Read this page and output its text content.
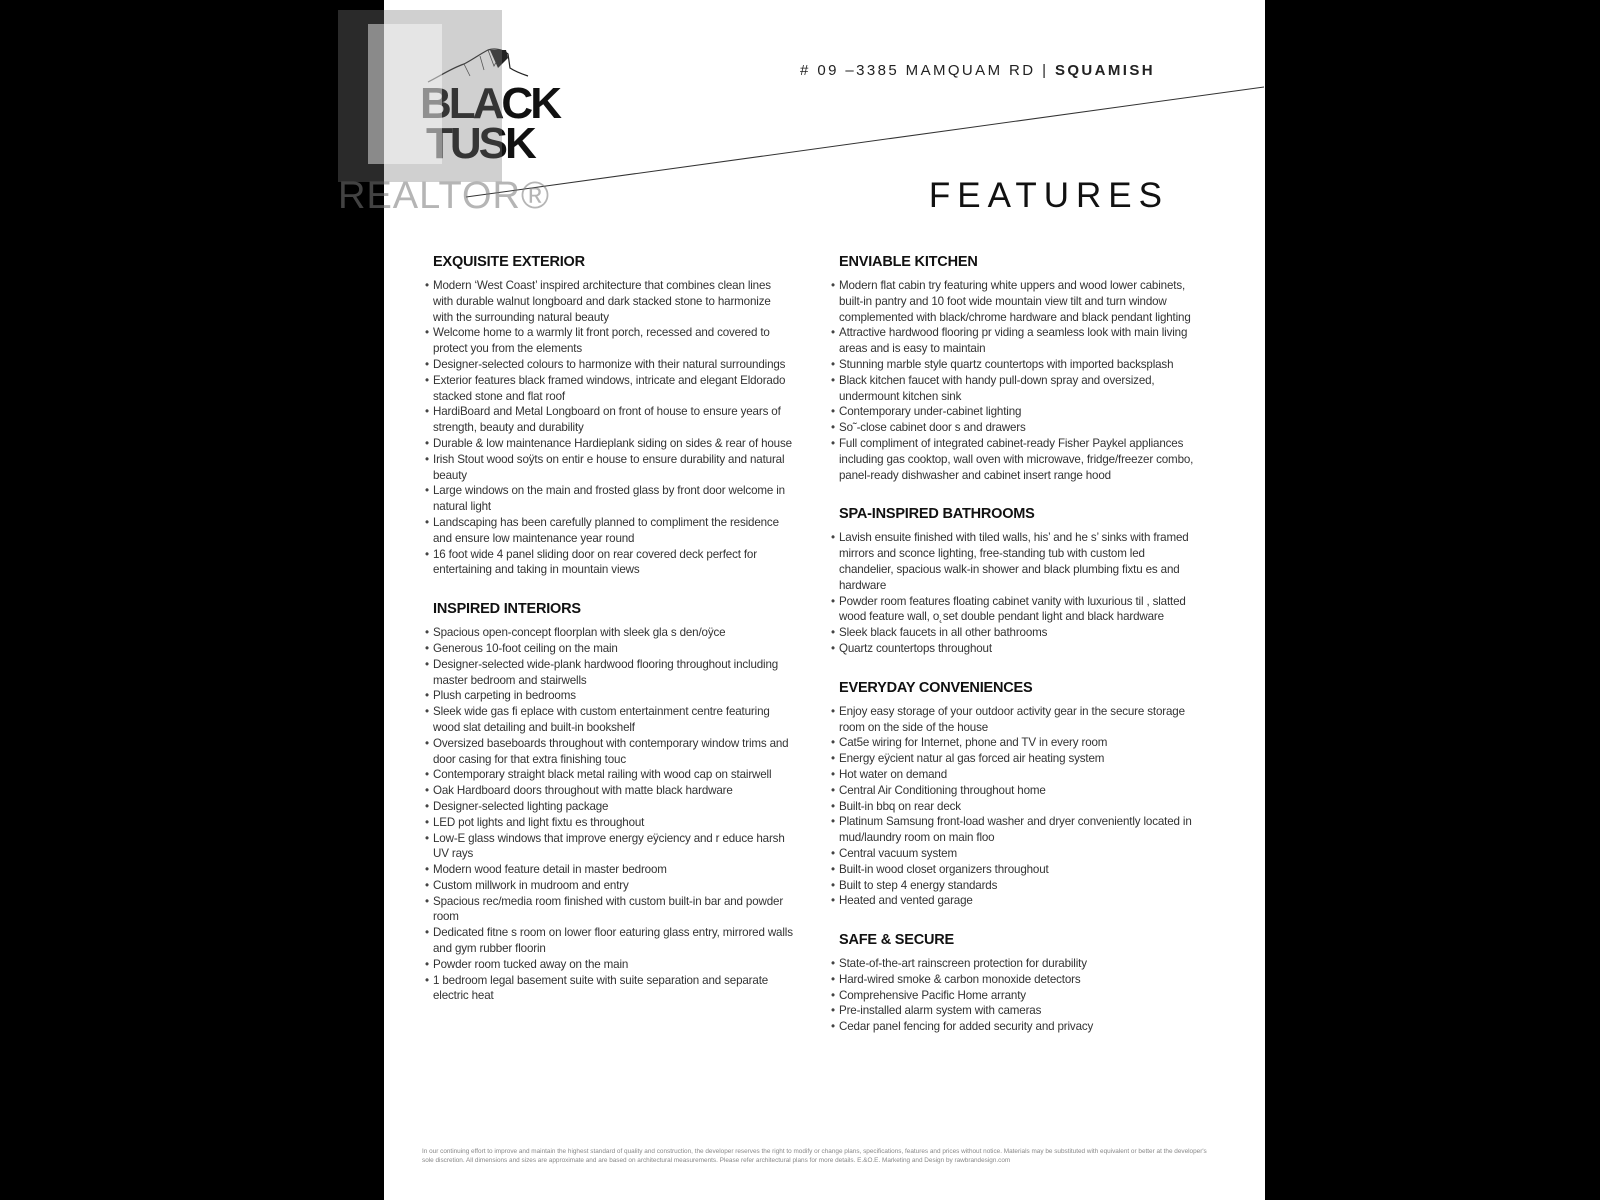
BLACK
TUSK
# 09 –3385 MAMQUAM RD | SQUAMISH
FEATURES
EXQUISITE EXTERIOR
• Modern ‘West Coast’ inspired architecture that combines clean lines with durable walnut longboard and dark stacked stone to harmonize with the surrounding natural beauty
• Welcome home to a warmly lit front porch, recessed and covered to protect you from the elements
• Designer-selected colours to harmonize with their natural surroundings
• Exterior features black framed windows, intricate and elegant Eldorado stacked stone and flat roof
• HardiBoard and Metal Longboard on front of house to ensure years of strength, beauty and durability
• Durable & low maintenance Hardieplank siding on sides & rear of house
• Irish Stout wood soÿts on entir e house to ensure durability and natural beauty
• Large windows on the main and frosted glass by front door welcome in natural light
• Landscaping has been carefully planned to compliment the residence and ensure low maintenance year round
• 16 foot wide 4 panel sliding door on rear covered deck perfect for entertaining and taking in mountain views
INSPIRED INTERIORS
• Spacious open-concept floorplan with sleek gla s den/oÿce
• Generous 10-foot ceiling on the main
• Designer-selected wide-plank hardwood flooring throughout including master bedroom and stairwells
• Plush carpeting in bedrooms
• Sleek wide gas fi eplace with custom entertainment centre featuring wood slat detailing and built-in bookshelf
• Oversized baseboards throughout with contemporary window trims and door casing for that extra finishing touc
• Contemporary straight black metal railing with wood cap on stairwell
• Oak Hardboard doors throughout with matte black hardware
• Designer-selected lighting package
• LED pot lights and light fixtu es throughout
• Low-E glass windows that improve energy eÿciency and r educe harsh UV rays
• Modern wood feature detail in master bedroom
• Custom millwork in mudroom and entry
• Spacious rec/media room finished with custom built-in bar and powder room
• Dedicated fitne s room on lower floor eaturing glass entry, mirrored walls and gym rubber floorin
• Powder room tucked away on the main
• 1 bedroom legal basement suite with suite separation and separate electric heat
ENVIABLE KITCHEN
• Modern flat cabin try featuring white uppers and wood lower cabinets, built-in pantry and 10 foot wide mountain view tilt and turn window complemented with black/chrome hardware and black pendant lighting
• Attractive hardwood flooring pr viding a seamless look with main living areas and is easy to maintain
• Stunning marble style quartz countertops with imported backsplash
• Black kitchen faucet with handy pull-down spray and oversized, undermount kitchen sink
• Contemporary under-cabinet lighting
• So˜-close cabinet door s and drawers
• Full compliment of integrated cabinet-ready Fisher Paykel appliances including gas cooktop, wall oven with microwave, fridge/freezer combo, panel-ready dishwasher and cabinet insert range hood
SPA-INSPIRED BATHROOMS
• Lavish ensuite finished with tiled walls, his’ and he s’ sinks with framed mirrors and sconce lighting, free-standing tub with custom led chandelier, spacious walk-in shower and black plumbing fixtu es and hardware
• Powder room features floating cabinet vanity with luxurious til , slatted wood feature wall, o˛set double pendant light and black hardware
• Sleek black faucets in all other bathrooms
• Quartz countertops throughout
EVERYDAY CONVENIENCES
• Enjoy easy storage of your outdoor activity gear in the secure storage room on the side of the house
• Cat5e wiring for Internet, phone and TV in every room
• Energy eÿcient natur al gas forced air heating system
• Hot water on demand
• Central Air Conditioning throughout home
• Built-in bbq on rear deck
• Platinum Samsung front-load washer and dryer conveniently located in mud/laundry room on main floo
• Central vacuum system
• Built-in wood closet organizers throughout
• Built to step 4 energy standards
• Heated and vented garage
SAFE & SECURE
• State-of-the-art rainscreen protection for durability
• Hard-wired smoke & carbon monoxide detectors
• Comprehensive Pacific Home arranty
• Pre-installed alarm system with cameras
• Cedar panel fencing for added security and privacy
In our continuing effort to improve and maintain the highest standard of quality and construction, the developer reserves the right to modify or change plans, specifications, features and prices without notice. Materials may be substituted with equivalent or better at the developer's sole discretion. All dimensions and sizes are approximate and are based on architectural measurements. Please refer architectural plans for more details. E.&O.E. Marketing and Design by rawbrandesign.com
REALTOR®
